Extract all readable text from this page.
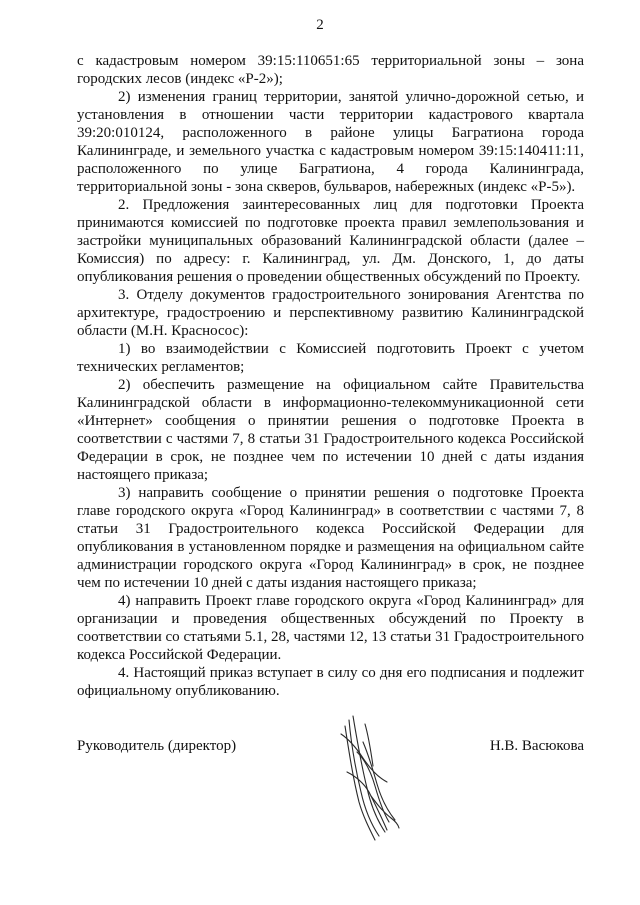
2

с кадастровым номером 39:15:110651:65 территориальной зоны – зона городских лесов (индекс «Р-2»);

2) изменения границ территории, занятой улично-дорожной сетью, и установления в отношении части территории кадастрового квартала 39:20:010124, расположенного в районе улицы Багратиона города Калининграде, и земельного участка с кадастровым номером 39:15:140411:11, расположенного по улице Багратиона, 4 города Калининграда, территориальной зоны - зона скверов, бульваров, набережных (индекс «Р-5»).

2. Предложения заинтересованных лиц для подготовки Проекта принимаются комиссией по подготовке проекта правил землепользования и застройки муниципальных образований Калининградской области (далее – Комиссия) по адресу: г. Калининград, ул. Дм. Донского, 1, до даты опубликования решения о проведении общественных обсуждений по Проекту.

3. Отделу документов градостроительного зонирования Агентства по архитектуре, градостроению и перспективному развитию Калининградской области (М.Н. Красносос):

1) во взаимодействии с Комиссией подготовить Проект с учетом технических регламентов;

2) обеспечить размещение на официальном сайте Правительства Калининградской области в информационно-телекоммуникационной сети «Интернет» сообщения о принятии решения о подготовке Проекта в соответствии с частями 7, 8 статьи 31 Градостроительного кодекса Российской Федерации в срок, не позднее чем по истечении 10 дней с даты издания настоящего приказа;

3) направить сообщение о принятии решения о подготовке Проекта главе городского округа «Город Калининград» в соответствии с частями 7, 8 статьи 31 Градостроительного кодекса Российской Федерации для опубликования в установленном порядке и размещения на официальном сайте администрации городского округа «Город Калининград» в срок, не позднее чем по истечении 10 дней с даты издания настоящего приказа;

4) направить Проект главе городского округа «Город Калининград» для организации и проведения общественных обсуждений по Проекту в соответствии со статьями 5.1, 28, частями 12, 13 статьи 31 Градостроительного кодекса Российской Федерации.

4. Настоящий приказ вступает в силу со дня его подписания и подлежит официальному опубликованию.

Руководитель (директор)	Н.В. Васюкова
